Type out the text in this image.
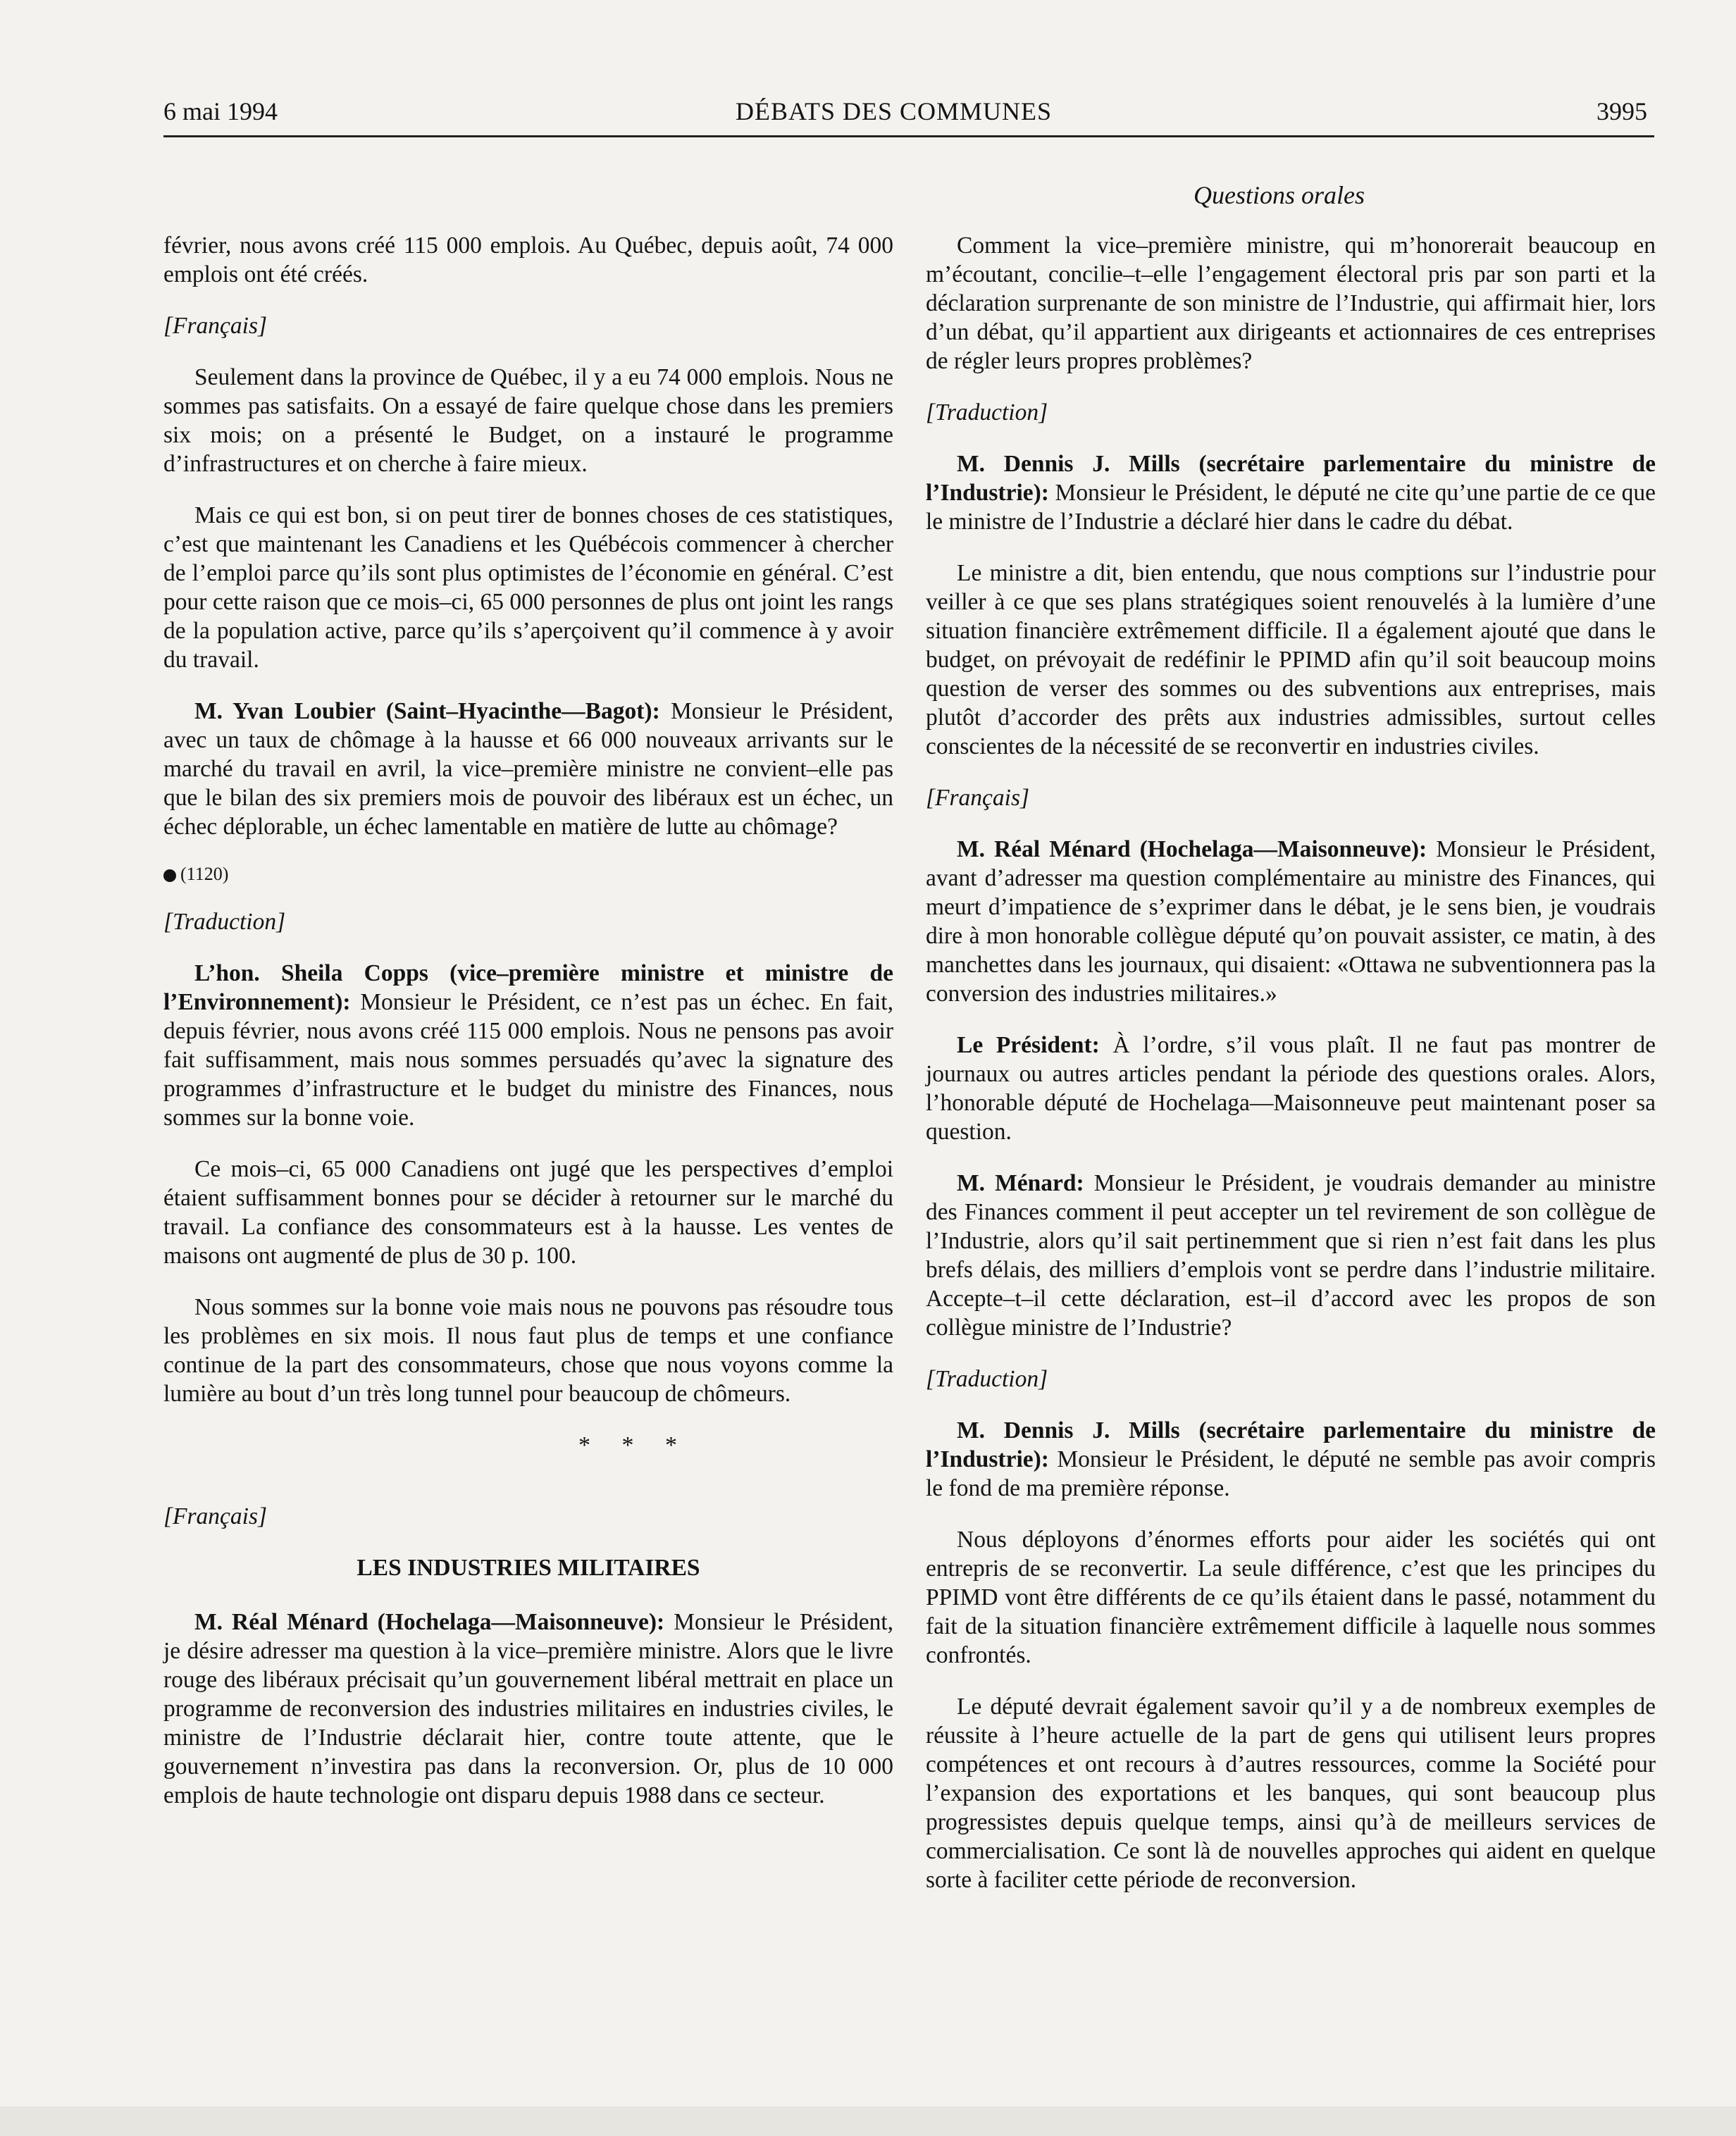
6 mai 1994	DÉBATS DES COMMUNES	3995
Questions orales

février, nous avons créé 115 000 emplois. Au Québec, depuis août, 74 000 emplois ont été créés.

[Français]

Seulement dans la province de Québec, il y a eu 74 000 emplois. Nous ne sommes pas satisfaits. On a essayé de faire quelque chose dans les premiers six mois; on a présenté le Budget, on a instauré le programme d’infrastructures et on cherche à faire mieux.

Mais ce qui est bon, si on peut tirer de bonnes choses de ces statistiques, c’est que maintenant les Canadiens et les Québécois commencer à chercher de l’emploi parce qu’ils sont plus optimistes de l’économie en général. C’est pour cette raison que ce mois–ci, 65 000 personnes de plus ont joint les rangs de la population active, parce qu’ils s’aperçoivent qu’il commence à y avoir du travail.

M. Yvan Loubier (Saint–Hyacinthe—Bagot): Monsieur le Président, avec un taux de chômage à la hausse et 66 000 nouveaux arrivants sur le marché du travail en avril, la vice–première ministre ne convient–elle pas que le bilan des six premiers mois de pouvoir des libéraux est un échec, un échec déplorable, un échec lamentable en matière de lutte au chômage?

(1120)
[Traduction]

L’hon. Sheila Copps (vice–première ministre et ministre de l’Environnement): Monsieur le Président, ce n’est pas un échec. En fait, depuis février, nous avons créé 115 000 emplois. Nous ne pensons pas avoir fait suffisamment, mais nous sommes persuadés qu’avec la signature des programmes d’infrastructure et le budget du ministre des Finances, nous sommes sur la bonne voie.

Ce mois–ci, 65 000 Canadiens ont jugé que les perspectives d’emploi étaient suffisamment bonnes pour se décider à retourner sur le marché du travail. La confiance des consommateurs est à la hausse. Les ventes de maisons ont augmenté de plus de 30 p. 100.

Nous sommes sur la bonne voie mais nous ne pouvons pas résoudre tous les problèmes en six mois. Il nous faut plus de temps et une confiance continue de la part des consommateurs, chose que nous voyons comme la lumière au bout d’un très long tunnel pour beaucoup de chômeurs.

* * *
[Français]
LES INDUSTRIES MILITAIRES

M. Réal Ménard (Hochelaga—Maisonneuve): Monsieur le Président, je désire adresser ma question à la vice–première ministre. Alors que le livre rouge des libéraux précisait qu’un gouvernement libéral mettrait en place un programme de reconversion des industries militaires en industries civiles, le ministre de l’Industrie déclarait hier, contre toute attente, que le gouvernement n’investira pas dans la reconversion. Or, plus de 10 000 emplois de haute technologie ont disparu depuis 1988 dans ce secteur.

Comment la vice–première ministre, qui m’honorerait beaucoup en m’écoutant, concilie–t–elle l’engagement électoral pris par son parti et la déclaration surprenante de son ministre de l’Industrie, qui affirmait hier, lors d’un débat, qu’il appartient aux dirigeants et actionnaires de ces entreprises de régler leurs propres problèmes?

[Traduction]

M. Dennis J. Mills (secrétaire parlementaire du ministre de l’Industrie): Monsieur le Président, le député ne cite qu’une partie de ce que le ministre de l’Industrie a déclaré hier dans le cadre du débat.

Le ministre a dit, bien entendu, que nous comptions sur l’industrie pour veiller à ce que ses plans stratégiques soient renouvelés à la lumière d’une situation financière extrêmement difficile. Il a également ajouté que dans le budget, on prévoyait de redéfinir le PPIMD afin qu’il soit beaucoup moins question de verser des sommes ou des subventions aux entreprises, mais plutôt d’accorder des prêts aux industries admissibles, surtout celles conscientes de la nécessité de se reconvertir en industries civiles.

[Français]

M. Réal Ménard (Hochelaga—Maisonneuve): Monsieur le Président, avant d’adresser ma question complémentaire au ministre des Finances, qui meurt d’impatience de s’exprimer dans le débat, je le sens bien, je voudrais dire à mon honorable collègue député qu’on pouvait assister, ce matin, à des manchettes dans les journaux, qui disaient: «Ottawa ne subventionnera pas la conversion des industries militaires.»

Le Président: À l’ordre, s’il vous plaît. Il ne faut pas montrer de journaux ou autres articles pendant la période des questions orales. Alors, l’honorable député de Hochelaga—Maisonneuve peut maintenant poser sa question.

M. Ménard: Monsieur le Président, je voudrais demander au ministre des Finances comment il peut accepter un tel revirement de son collègue de l’Industrie, alors qu’il sait pertinemment que si rien n’est fait dans les plus brefs délais, des milliers d’emplois vont se perdre dans l’industrie militaire. Accepte–t–il cette déclaration, est–il d’accord avec les propos de son collègue ministre de l’Industrie?

[Traduction]

M. Dennis J. Mills (secrétaire parlementaire du ministre de l’Industrie): Monsieur le Président, le député ne semble pas avoir compris le fond de ma première réponse.

Nous déployons d’énormes efforts pour aider les sociétés qui ont entrepris de se reconvertir. La seule différence, c’est que les principes du PPIMD vont être différents de ce qu’ils étaient dans le passé, notamment du fait de la situation financière extrêmement difficile à laquelle nous sommes confrontés.

Le député devrait également savoir qu’il y a de nombreux exemples de réussite à l’heure actuelle de la part de gens qui utilisent leurs propres compétences et ont recours à d’autres ressources, comme la Société pour l’expansion des exportations et les banques, qui sont beaucoup plus progressistes depuis quelque temps, ainsi qu’à de meilleurs services de commercialisation. Ce sont là de nouvelles approches qui aident en quelque sorte à faciliter cette période de reconversion.
